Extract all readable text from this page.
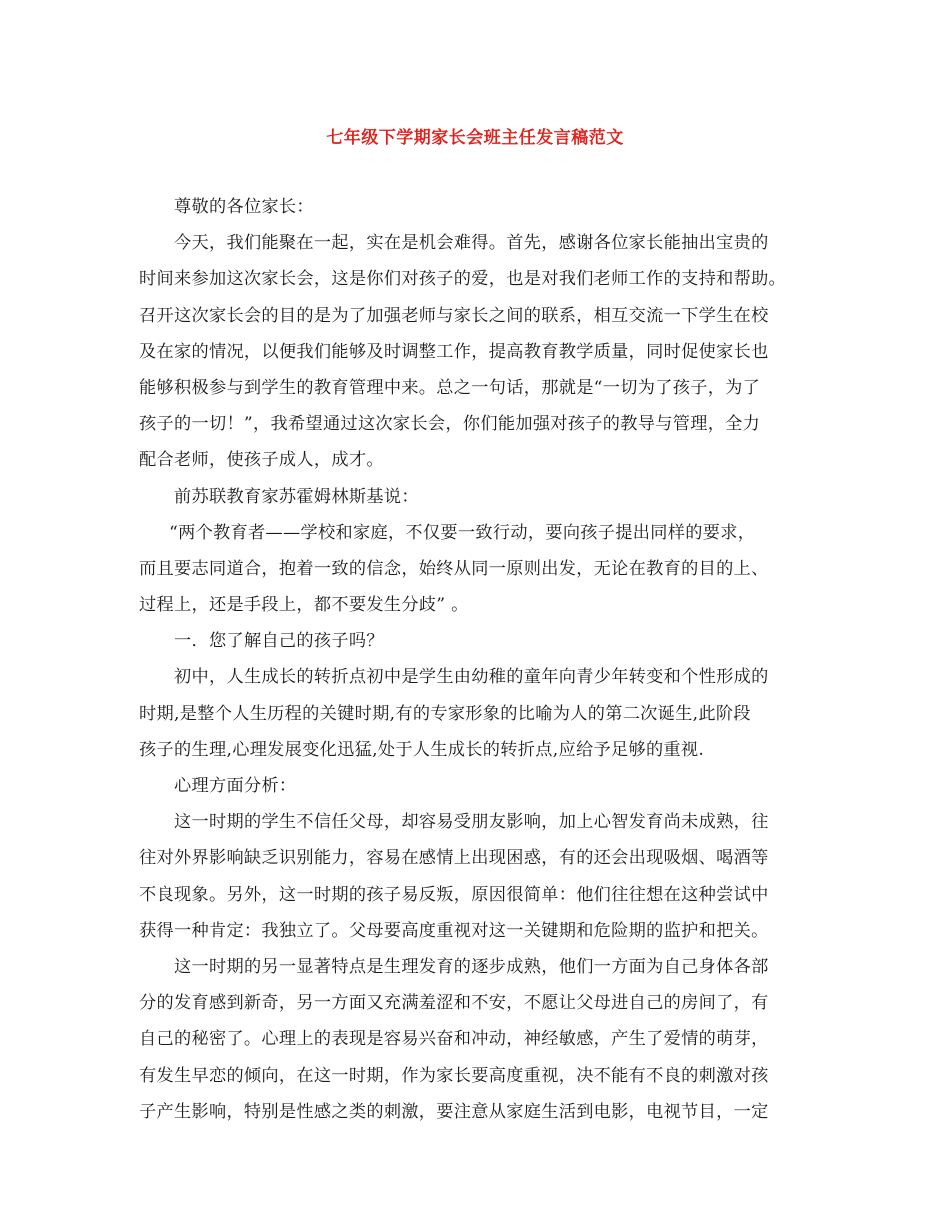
七年级下学期家长会班主任发言稿范文
尊敬的各位家长：
今天，我们能聚在一起，实在是机会难得。首先，感谢各位家长能抽出宝贵的
时间来参加这次家长会，这是你们对孩子的爱，也是对我们老师工作的支持和帮助。
召开这次家长会的目的是为了加强老师与家长之间的联系，相互交流一下学生在校
及在家的情况，以便我们能够及时调整工作，提高教育教学质量，同时促使家长也
能够积极参与到学生的教育管理中来。总之一句话，那就是“一切为了孩子，为了
孩子的一切！”，我希望通过这次家长会，你们能加强对孩子的教导与管理，全力
配合老师，使孩子成人，成才。
前苏联教育家苏霍姆林斯基说：
“两个教育者——学校和家庭，不仅要一致行动，要向孩子提出同样的要求，
而且要志同道合，抱着一致的信念，始终从同一原则出发，无论在教育的目的上、
过程上，还是手段上，都不要发生分歧” 。
一．您了解自己的孩子吗？
初中，人生成长的转折点初中是学生由幼稚的童年向青少年转变和个性形成的
时期,是整个人生历程的关键时期,有的专家形象的比喻为人的第二次诞生,此阶段
孩子的生理,心理发展变化迅猛,处于人生成长的转折点,应给予足够的重视.
心理方面分析：
这一时期的学生不信任父母，却容易受朋友影响，加上心智发育尚未成熟，往
往对外界影响缺乏识别能力，容易在感情上出现困惑，有的还会出现吸烟、喝酒等
不良现象。另外，这一时期的孩子易反叛，原因很简单：他们往往想在这种尝试中
获得一种肯定：我独立了。父母要高度重视对这一关键期和危险期的监护和把关。
这一时期的另一显著特点是生理发育的逐步成熟，他们一方面为自己身体各部
分的发育感到新奇，另一方面又充满羞涩和不安，不愿让父母进自己的房间了，有
自己的秘密了。心理上的表现是容易兴奋和冲动，神经敏感，产生了爱情的萌芽，
有发生早恋的倾向，在这一时期，作为家长要高度重视，决不能有不良的刺激对孩
子产生影响，特别是性感之类的刺激，要注意从家庭生活到电影，电视节目，一定
